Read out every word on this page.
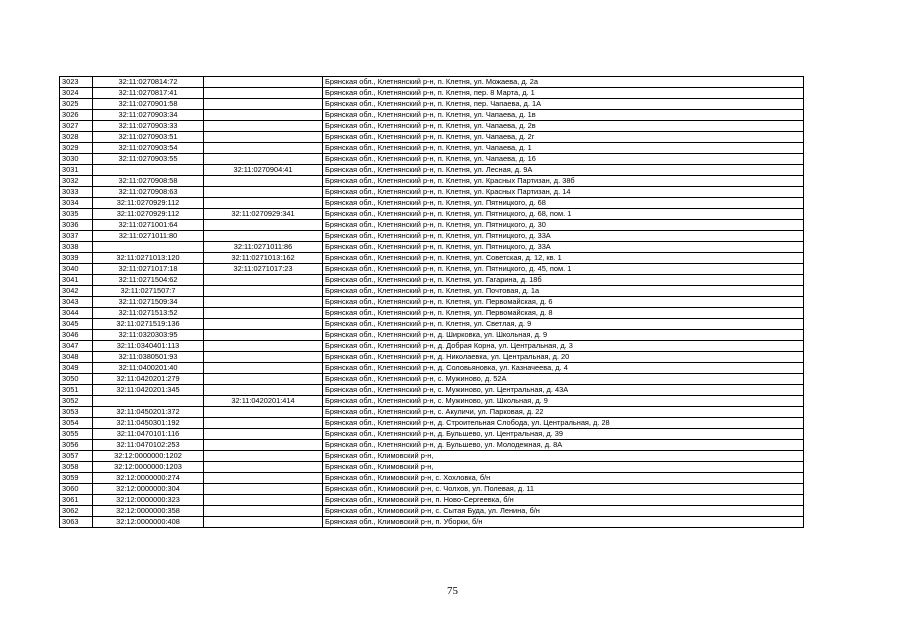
3023	32:11:0270814:72		Брянская обл., Клетнянский р-н, п. Клетня, ул. Можаева, д. 2а
3024	32:11:0270817:41		Брянская обл., Клетнянский р-н, п. Клетня, пер. 8 Марта, д. 1
3025	32:11:0270901:58		Брянская обл., Клетнянский р-н, п. Клетня, пер. Чапаева, д. 1А
3026	32:11:0270903:34		Брянская обл., Клетнянский р-н, п. Клетня, ул. Чапаева, д. 1в
3027	32:11:0270903:33		Брянская обл., Клетнянский р-н, п. Клетня, ул. Чапаева, д. 2в
3028	32:11:0270903:51		Брянская обл., Клетнянский р-н, п. Клетня, ул. Чапаева, д. 2г
3029	32:11:0270903:54		Брянская обл., Клетнянский р-н, п. Клетня, ул. Чапаева, д. 1
3030	32:11:0270903:55		Брянская обл., Клетнянский р-н, п. Клетня, ул. Чапаева, д. 16
3031		32:11:0270904:41	Брянская обл., Клетнянский р-н, п. Клетня, ул. Лесная, д. 9А
3032	32:11:0270908:58		Брянская обл., Клетнянский р-н, п. Клетня, ул. Красных Партизан, д. 38б
3033	32:11:0270908:63		Брянская обл., Клетнянский р-н, п. Клетня, ул. Красных Партизан, д. 14
3034	32:11:0270929:112		Брянская обл., Клетнянский р-н, п. Клетня, ул. Пятницкого, д. 68
3035	32:11:0270929:112	32:11:0270929:341	Брянская обл., Клетнянский р-н, п. Клетня, ул. Пятницкого, д. 68, пом. 1
3036	32:11:0271001:64		Брянская обл., Клетнянский р-н, п. Клетня, ул. Пятницкого, д. 30
3037	32:11:0271011:80		Брянская обл., Клетнянский р-н, п. Клетня, ул. Пятницкого, д. 33А
3038		32:11:0271011:86	Брянская обл., Клетнянский р-н, п. Клетня, ул. Пятницкого, д. 33А
3039	32:11:0271013:120	32:11:0271013:162	Брянская обл., Клетнянский р-н, п. Клетня, ул. Советская, д. 12, кв. 1
3040	32:11:0271017:18	32:11:0271017:23	Брянская обл., Клетнянский р-н, п. Клетня, ул. Пятницкого, д. 45, пом. 1
3041	32:11:0271504:62		Брянская обл., Клетнянский р-н, п. Клетня, ул. Гагарина, д. 18б
3042	32:11:0271507:7		Брянская обл., Клетнянский р-н, п. Клетня, ул. Почтовая, д. 1а
3043	32:11:0271509:34		Брянская обл., Клетнянский р-н, п. Клетня, ул. Первомайская, д. 6
3044	32:11:0271513:52		Брянская обл., Клетнянский р-н, п. Клетня, ул. Первомайская, д. 8
3045	32:11:0271519:136		Брянская обл., Клетнянский р-н, п. Клетня, ул. Светлая, д. 9
3046	32:11:0320303:95		Брянская обл., Клетнянский р-н, д. Ширковка, ул. Школьная, д. 9
3047	32:11:0340401:113		Брянская обл., Клетнянский р-н, д. Добрая Корна, ул. Центральная, д. 3
3048	32:11:0380501:93		Брянская обл., Клетнянский р-н, д. Николаевка, ул. Центральная, д. 20
3049	32:11:0400201:40		Брянская обл., Клетнянский р-н, д. Соловьяновка, ул. Казначеева, д. 4
3050	32:11:0420201:279		Брянская обл., Клетнянский р-н, с. Мужиново, д. 52А
3051	32:11:0420201:345		Брянская обл., Клетнянский р-н, с. Мужиново, ул. Центральная, д. 43А
3052		32:11:0420201:414	Брянская обл., Клетнянский р-н, с. Мужиново, ул. Школьная, д. 9
3053	32:11:0450201:372		Брянская обл., Клетнянский р-н, с. Акуличи, ул. Парковая, д. 22
3054	32:11:0450301:192		Брянская обл., Клетнянский р-н, д. Строительная Слобода, ул. Центральная, д. 28
3055	32:11:0470101:116		Брянская обл., Клетнянский р-н, д. Бульшево, ул. Центральная, д. 39
3056	32:11:0470102:253		Брянская обл., Клетнянский р-н, д. Бульшево, ул. Молодежная, д. 8А
3057	32:12:0000000:1202		Брянская обл., Климовский р-н,
3058	32:12:0000000:1203		Брянская обл., Климовский р-н,
3059	32:12:0000000:274		Брянская обл., Климовский р-н, с. Хохловка, б/н
3060	32:12:0000000:304		Брянская обл., Климовский р-н, с. Чолхов, ул. Полевая, д. 11
3061	32:12:0000000:323		Брянская обл., Климовский р-н, п. Ново-Сергеевка, б/н
3062	32:12:0000000:358		Брянская обл., Климовский р-н, с. Сытая Буда, ул. Ленина, б/н
3063	32:12:0000000:408		Брянская обл., Климовский р-н, п. Уборки, б/н
75
